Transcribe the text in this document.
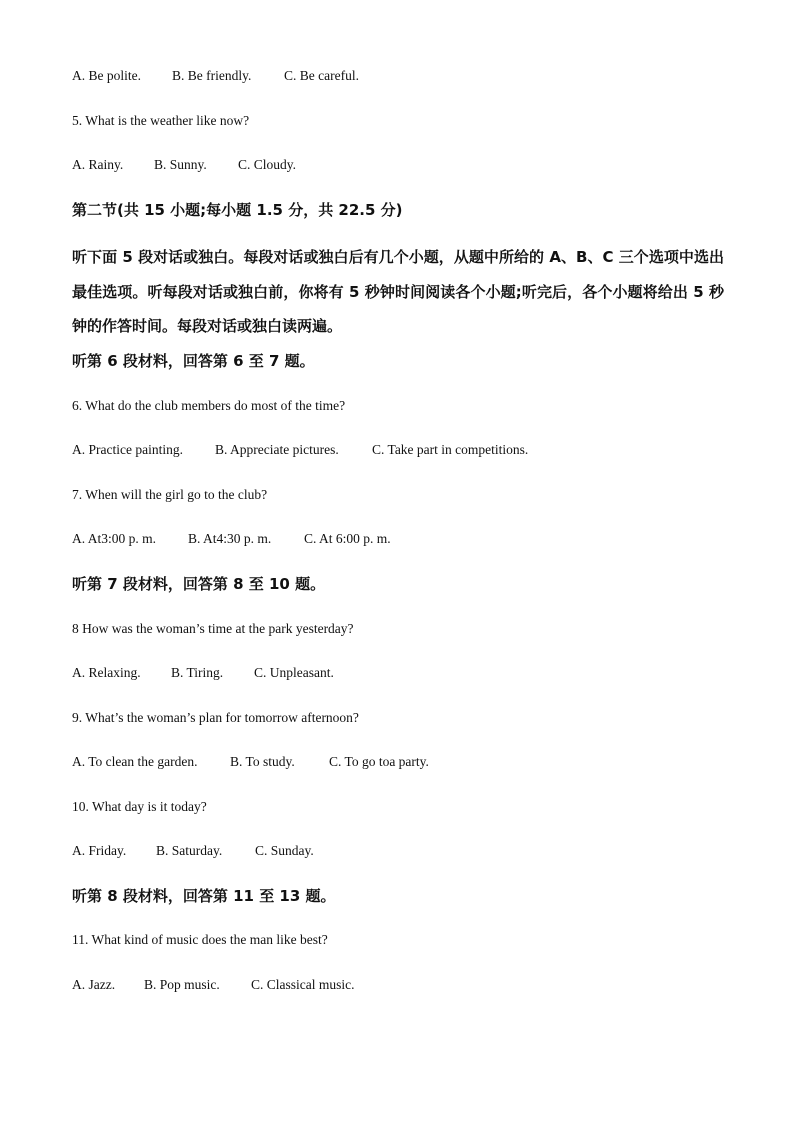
A. Be polite. B. Be friendly. C. Be careful.
5. What is the weather like now?
A. Rainy. B. Sunny. C. Cloudy.
第二节(共 15 小题;每小题 1.5 分，共 22.5 分)
听下面 5 段对话或独白。每段对话或独白后有几个小题，从题中所给的 A、B、C 三个选项中选出最佳选项。听每段对话或独白前，你将有 5 秒钟时间阅读各个小题;听完后，各个小题将给出 5 秒钟的作答时间。每段对话或独白读两遍。
听第 6 段材料，回答第 6 至 7 题。
6. What do the club members do most of the time?
A. Practice painting. B. Appreciate pictures. C. Take part in competitions.
7. When will the girl go to the club?
A. At3:00 p. m. B. At4:30 p. m. C. At 6:00 p. m.
听第 7 段材料，回答第 8 至 10 题。
8 How was the woman’s time at the park yesterday?
A. Relaxing. B. Tiring. C. Unpleasant.
9. What’s the woman’s plan for tomorrow afternoon?
A. To clean the garden. B. To study.	C. To go toa party.
10. What day is it today?
A. Friday. B. Saturday. C. Sunday.
听第 8 段材料，回答第 11 至 13 题。
11. What kind of music does the man like best?
A. Jazz. B. Pop music. C. Classical music.
